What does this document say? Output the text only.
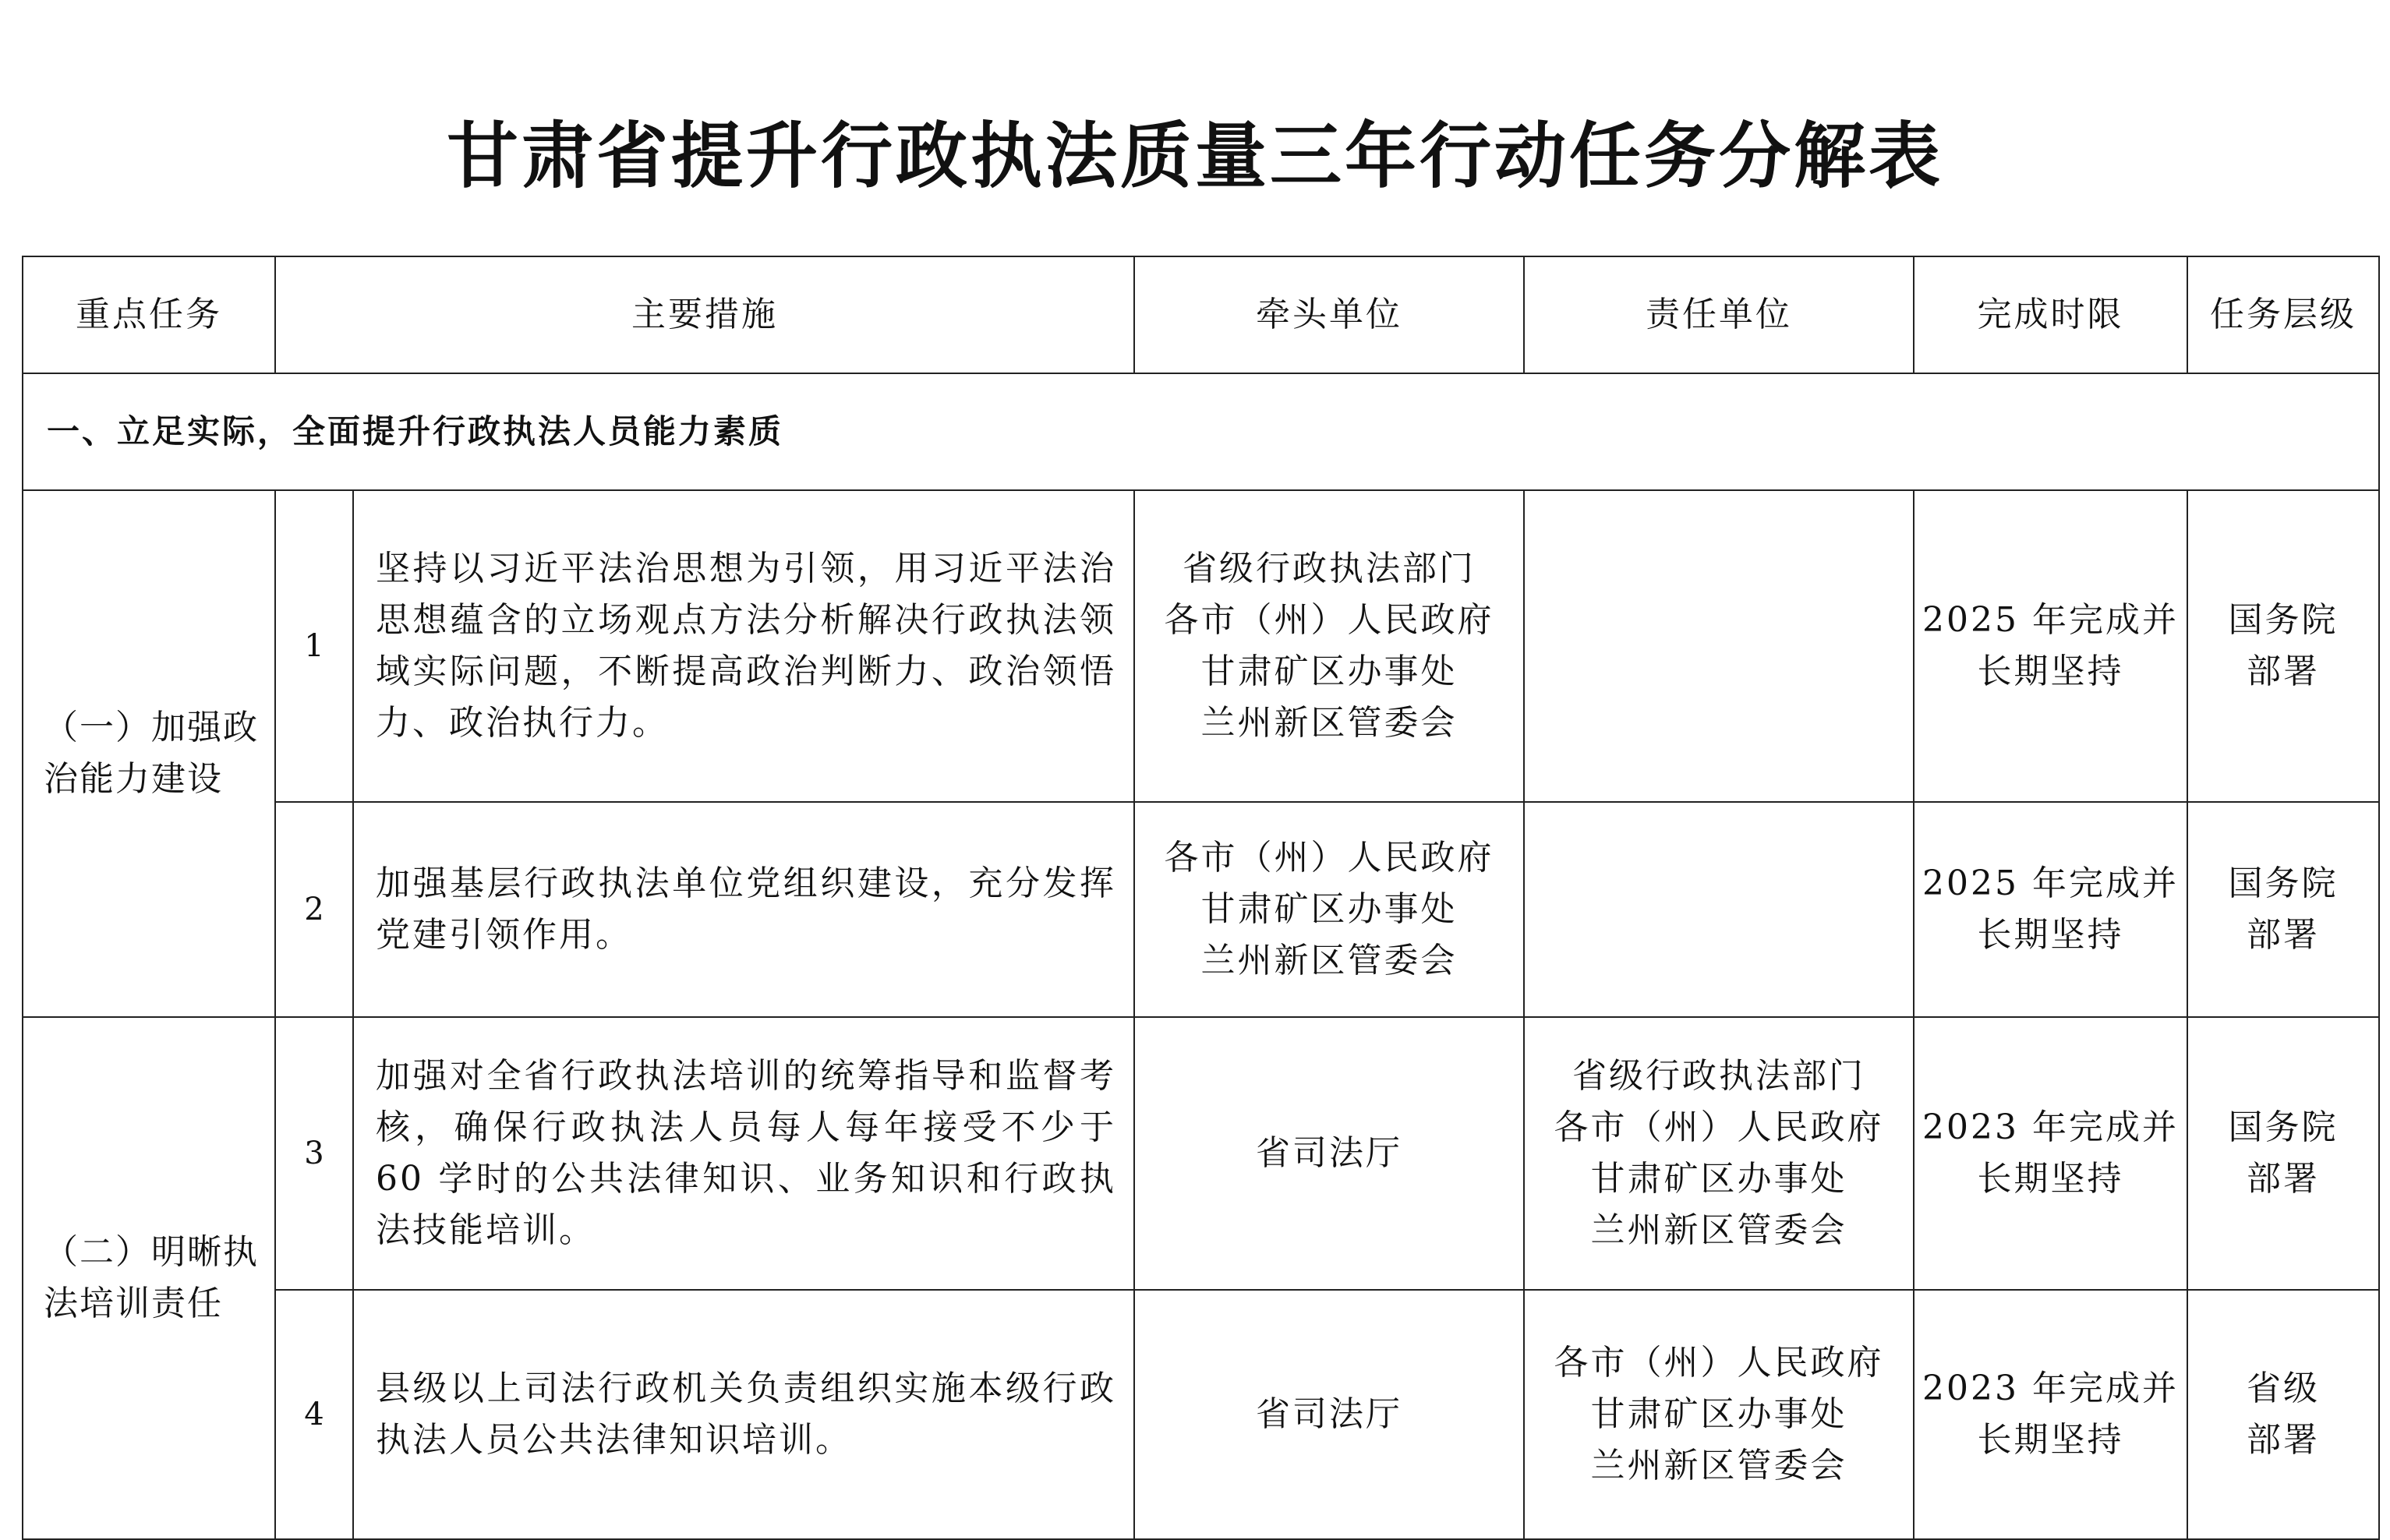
甘肃省提升行政执法质量三年行动任务分解表
重点任务	主要措施		牵头单位	责任单位	完成时限	任务层级
一、立足实际，全面提升行政执法人员能力素质						

（一）加强政
治能力建设	1	坚持以习近平法治思想为引领，用习近平法治思想蕴含的立场观点方法分析解决行政执法领域实际问题，不断提高政治判断力、政治领悟力、政治执行力。	省级行政执法部门
各市（州）人民政府
甘肃矿区办事处
兰州新区管委会		2025 年完成并
长期坚持	国务院
部署

	2	加强基层行政执法单位党组织建设，充分发挥党建引领作用。	各市（州）人民政府
甘肃矿区办事处
兰州新区管委会		2025 年完成并
长期坚持	国务院
部署

（二）明晰执
法培训责任	3	加强对全省行政执法培训的统筹指导和监督考核，确保行政执法人员每人每年接受不少于 60 学时的公共法律知识、业务知识和行政执法技能培训。	省司法厅	省级行政执法部门
各市（州）人民政府
甘肃矿区办事处
兰州新区管委会	2023 年完成并
长期坚持	国务院
部署

	4	县级以上司法行政机关负责组织实施本级行政执法人员公共法律知识培训。	省司法厅	各市（州）人民政府
甘肃矿区办事处
兰州新区管委会	2023 年完成并
长期坚持	省级
部署
